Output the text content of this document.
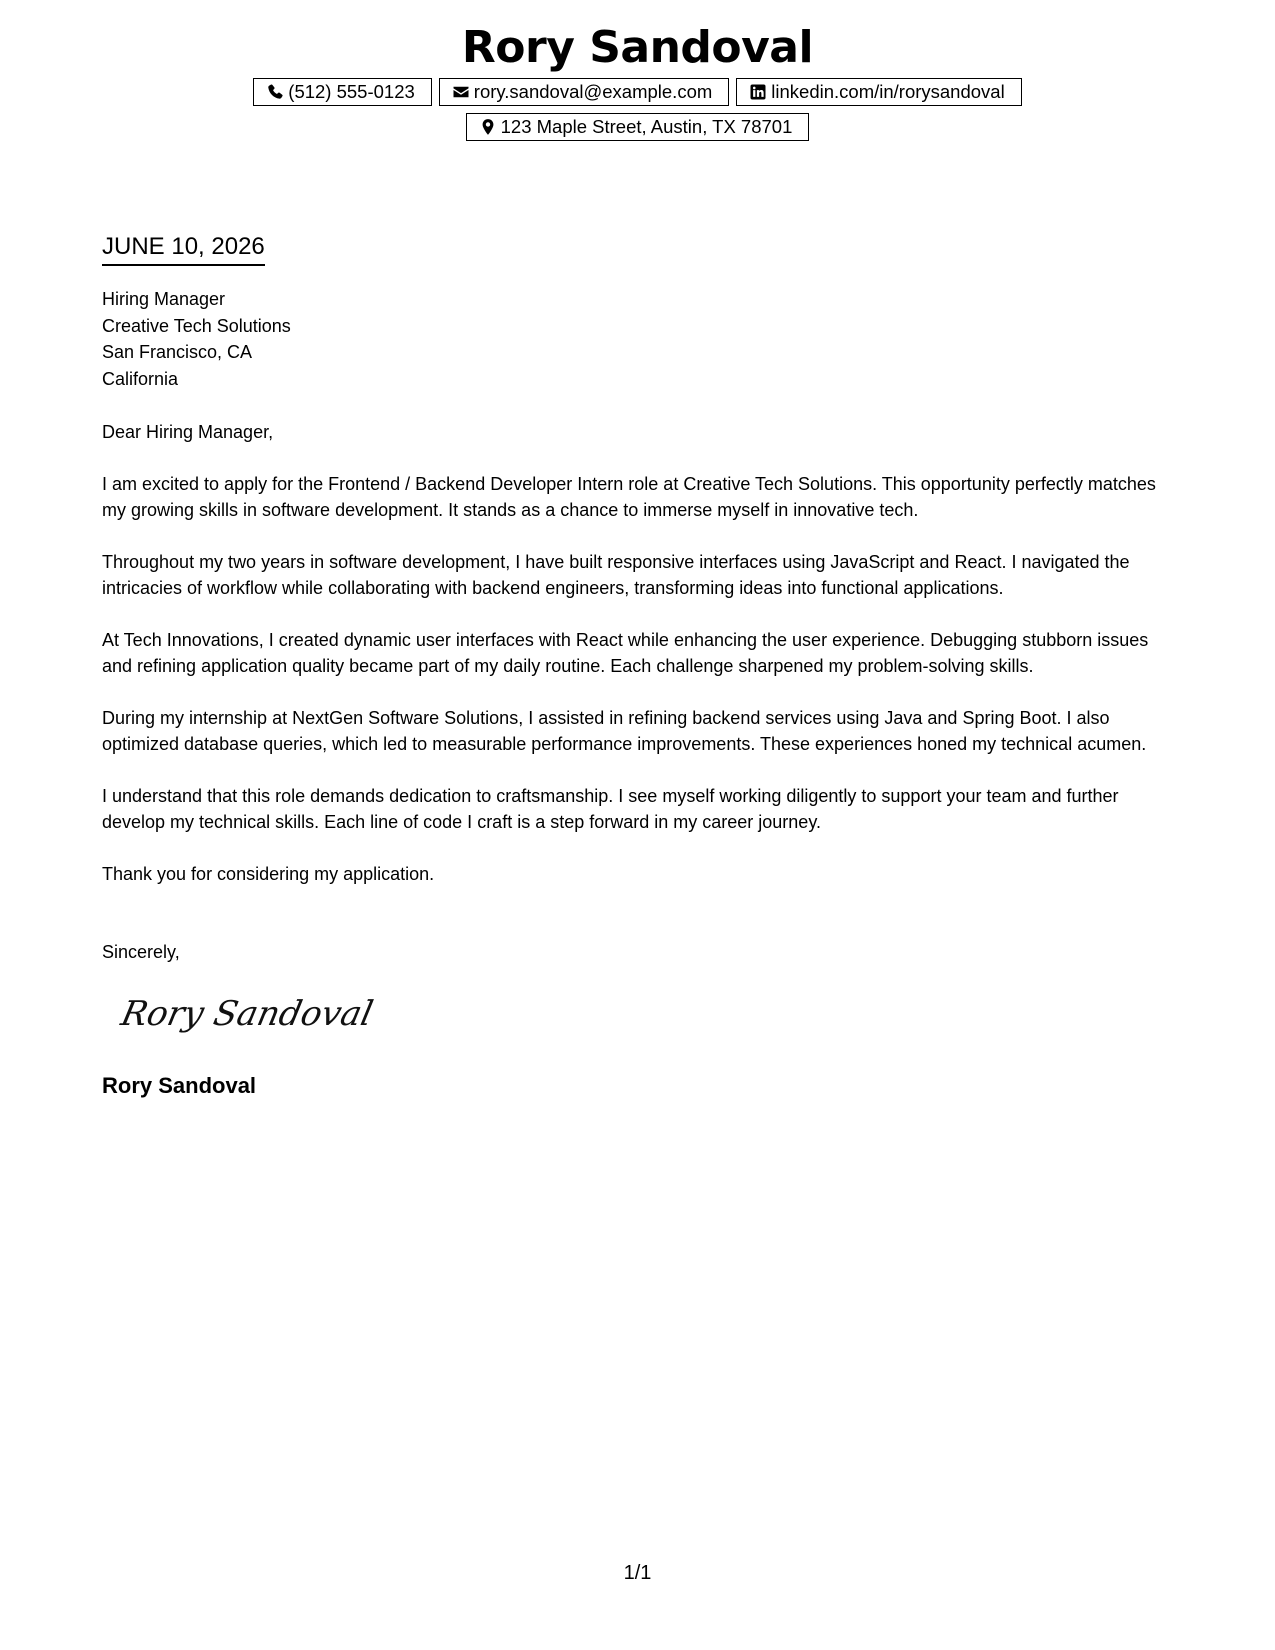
Rory Sandoval
(512) 555-0123	rory.sandoval@example.com	linkedin.com/in/rorysandoval
123 Maple Street, Austin, TX 78701
JUNE 10, 2026
Hiring Manager
Creative Tech Solutions
San Francisco, CA
California
Dear Hiring Manager,
I am excited to apply for the Frontend / Backend Developer Intern role at Creative Tech Solutions. This opportunity perfectly matches my growing skills in software development. It stands as a chance to immerse myself in innovative tech.
Throughout my two years in software development, I have built responsive interfaces using JavaScript and React. I navigated the intricacies of workflow while collaborating with backend engineers, transforming ideas into functional applications.
At Tech Innovations, I created dynamic user interfaces with React while enhancing the user experience. Debugging stubborn issues and refining application quality became part of my daily routine. Each challenge sharpened my problem-solving skills.
During my internship at NextGen Software Solutions, I assisted in refining backend services using Java and Spring Boot. I also optimized database queries, which led to measurable performance improvements. These experiences honed my technical acumen.
I understand that this role demands dedication to craftsmanship. I see myself working diligently to support your team and further develop my technical skills. Each line of code I craft is a step forward in my career journey.
Thank you for considering my application.
Sincerely,
Rory Sandoval
Rory Sandoval
1/1
